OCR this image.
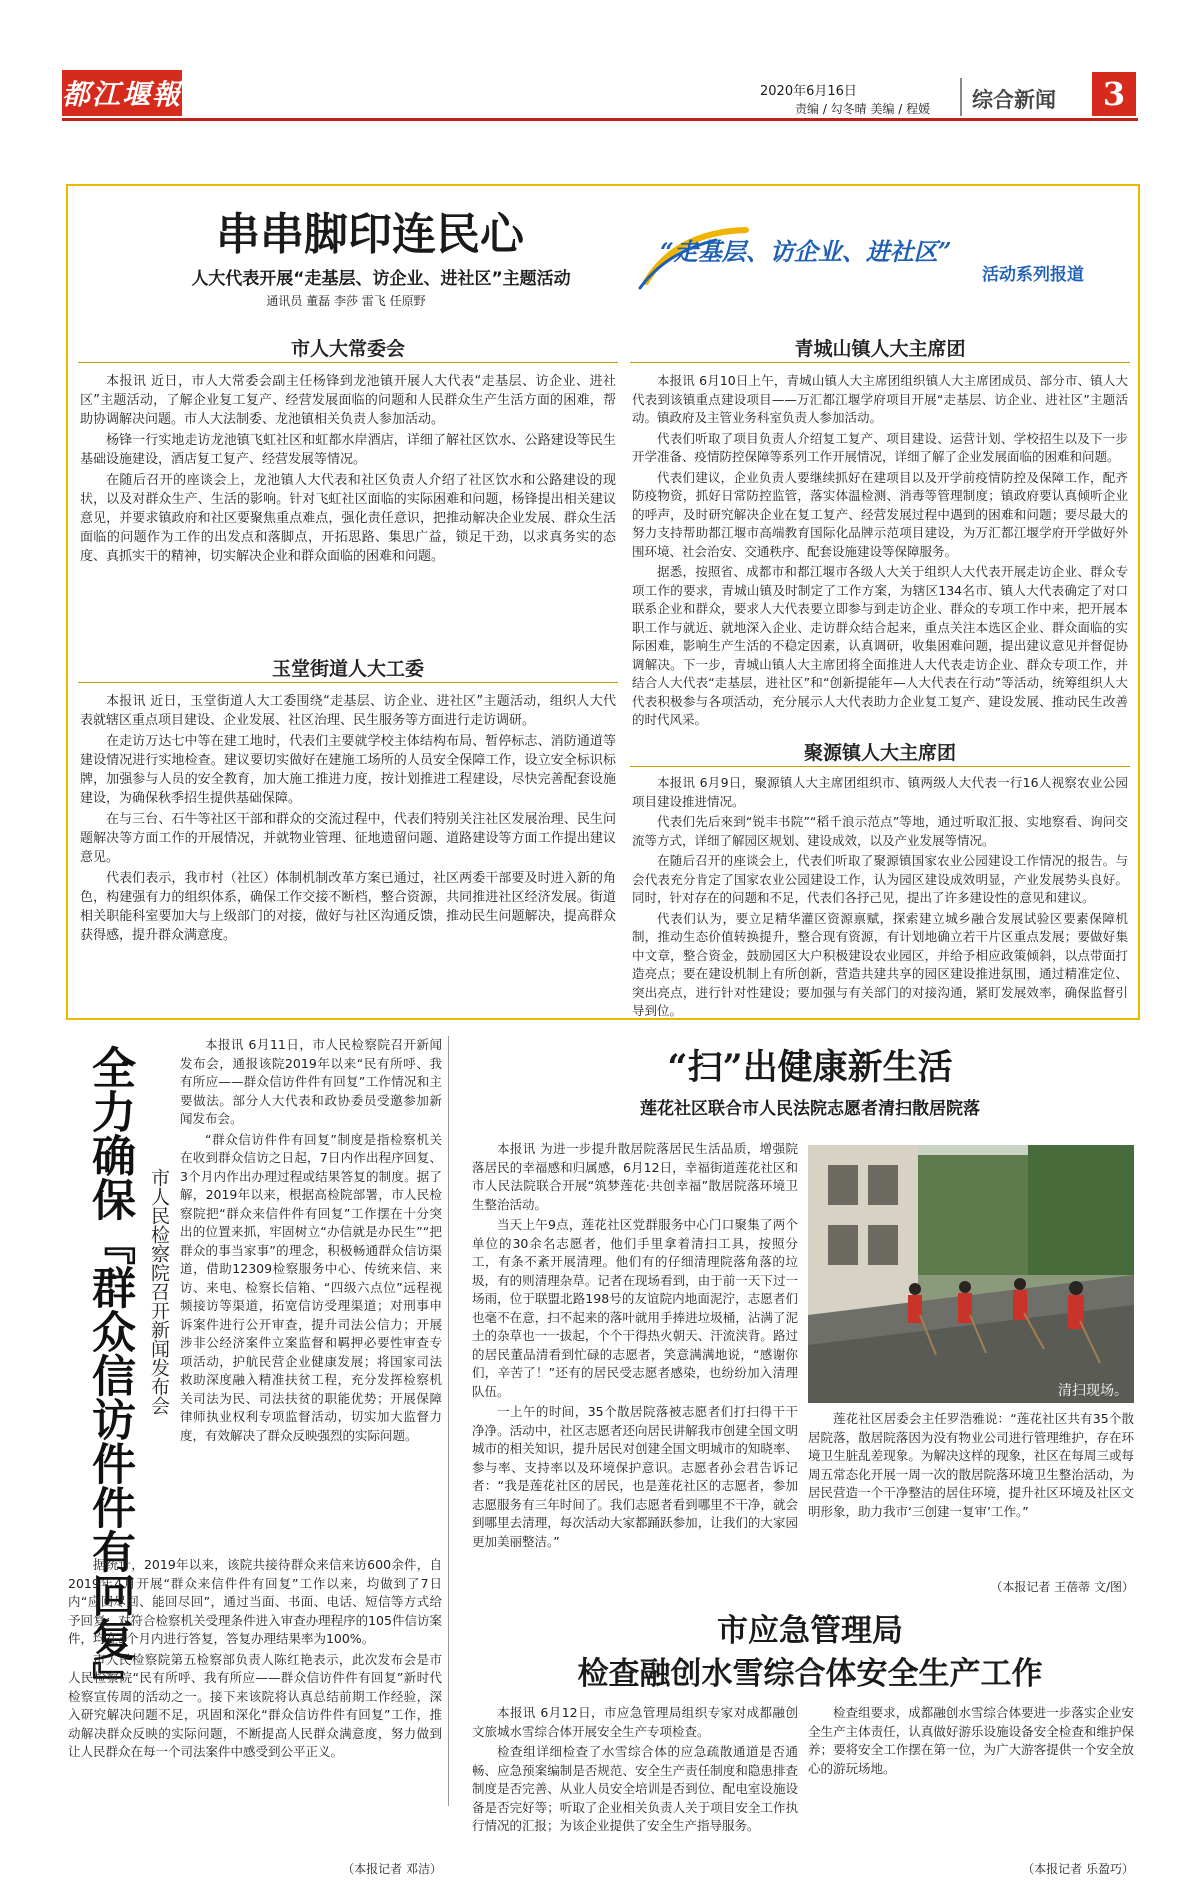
都江堰報	2020年6月16日
责编 / 勾冬晴 美编 / 程媛 综合新闻	3
串串脚印连民心
人大代表开展“走基层、访企业、进社区”主题活动
通讯员 董磊 李莎 雷飞 任原野
“走基层、访企业、进社区”
活动系列报道
市人大常委会

本报讯 近日，市人大常委会副主任杨锋到龙池镇开展人大代表“走基层、访企业、进社区”主题活动，了解企业复工复产、经营发展面临的问题和人民群众生产生活方面的困难，帮助协调解决问题。市人大法制委、龙池镇相关负责人参加活动。

杨锋一行实地走访龙池镇飞虹社区和虹都水岸酒店，详细了解社区饮水、公路建设等民生基础设施建设，酒店复工复产、经营发展等情况。

在随后召开的座谈会上，龙池镇人大代表和社区负责人介绍了社区饮水和公路建设的现状，以及对群众生产、生活的影响。针对飞虹社区面临的实际困难和问题，杨锋提出相关建议意见，并要求镇政府和社区要聚焦重点难点，强化责任意识，把推动解决企业发展、群众生活面临的问题作为工作的出发点和落脚点，开拓思路、集思广益，锁足干劲，以求真务实的态度、真抓实干的精神，切实解决企业和群众面临的困难和问题。

玉堂街道人大工委

本报讯 近日，玉堂街道人大工委围绕“走基层、访企业、进社区”主题活动，组织人大代表就辖区重点项目建设、企业发展、社区治理、民生服务等方面进行走访调研。

在走访万达七中等在建工地时，代表们主要就学校主体结构布局、暂停标志、消防通道等建设情况进行实地检查。建议要切实做好在建施工场所的人员安全保障工作，设立安全标识标牌，加强参与人员的安全教育，加大施工推进力度，按计划推进工程建设，尽快完善配套设施建设，为确保秋季招生提供基础保障。

在与三台、石牛等社区干部和群众的交流过程中，代表们特别关注社区发展治理、民生问题解决等方面工作的开展情况，并就物业管理、征地遗留问题、道路建设等方面工作提出建议意见。

代表们表示，我市村（社区）体制机制改革方案已通过，社区两委干部要及时进入新的角色，构建强有力的组织体系，确保工作交接不断档，整合资源，共同推进社区经济发展。街道相关职能科室要加大与上级部门的对接，做好与社区沟通反馈，推动民生问题解决，提高群众获得感，提升群众满意度。

青城山镇人大主席团

本报讯 6月10日上午，青城山镇人大主席团组织镇人大主席团成员、部分市、镇人大代表到该镇重点建设项目——万汇都江堰学府项目开展“走基层、访企业、进社区”主题活动。镇政府及主管业务科室负责人参加活动。

代表们听取了项目负责人介绍复工复产、项目建设、运营计划、学校招生以及下一步开学准备、疫情防控保障等系列工作开展情况，详细了解了企业发展面临的困难和问题。

代表们建议，企业负责人要继续抓好在建项目以及开学前疫情防控及保障工作，配齐防疫物资，抓好日常防控监管，落实体温检测、消毒等管理制度；镇政府要认真倾听企业的呼声，及时研究解决企业在复工复产、经营发展过程中遇到的困难和问题；要尽最大的努力支持帮助都江堰市高端教育国际化品牌示范项目建设，为万汇都江堰学府开学做好外围环境、社会治安、交通秩序、配套设施建设等保障服务。

据悉，按照省、成都市和都江堰市各级人大关于组织人大代表开展走访企业、群众专项工作的要求，青城山镇及时制定了工作方案，为辖区134名市、镇人大代表确定了对口联系企业和群众，要求人大代表要立即参与到走访企业、群众的专项工作中来，把开展本职工作与就近、就地深入企业、走访群众结合起来，重点关注本选区企业、群众面临的实际困难，影响生产生活的不稳定因素，认真调研，收集困难问题，提出建议意见并督促协调解决。下一步，青城山镇人大主席团将全面推进人大代表走访企业、群众专项工作，并结合人大代表“走基层，进社区”和“创新提能年—人大代表在行动”等活动，统筹组织人大代表积极参与各项活动，充分展示人大代表助力企业复工复产、建设发展、推动民生改善的时代风采。

聚源镇人大主席团

本报讯 6月9日，聚源镇人大主席团组织市、镇两级人大代表一行16人视察农业公园项目建设推进情况。

代表们先后來到“锐丰书院”“稻千浪示范点”等地，通过听取汇报、实地察看、询问交流等方式，详细了解园区规划、建设成效，以及产业发展等情况。

在随后召开的座谈会上，代表们听取了聚源镇国家农业公园建设工作情况的报告。与会代表充分肯定了国家农业公园建设工作，认为园区建设成效明显，产业发展势头良好。同时，针对存在的问题和不足，代表们各抒己见，提出了许多建设性的意见和建议。

代表们认为，要立足精华灌区资源禀赋，探索建立城乡融合发展试验区要素保障机制，推动生态价值转换提升，整合现有资源，有计划地确立若干片区重点发展；要做好集中文章，整合资金，鼓励园区大户积极建设农业园区，并给予相应政策倾斜，以点带面打造亮点；要在建设机制上有所创新，营造共建共享的园区建设推进氛围，通过精准定位、突出亮点，进行针对性建设；要加强与有关部门的对接沟通，紧盯发展效率，确保监督引导到位。

全力确保『群众信访件件有回复』 市人民检察院召开新闻发布会

本报讯 6月11日，市人民检察院召开新闻发布会，通报该院2019年以来“民有所呼、我有所应——群众信访件件有回复”工作情况和主要做法。部分人大代表和政协委员受邀参加新闻发布会。

“群众信访件件有回复”制度是指检察机关在收到群众信访之日起，7日内作出程序回复、3个月内作出办理过程或结果答复的制度。据了解，2019年以来，根据高检院部署，市人民检察院把“群众来信件件有回复”工作摆在十分突出的位置来抓，牢固树立“办信就是办民生”“把群众的事当家事”的理念，积极畅通群众信访渠道，借助12309检察服务中心、传统来信、来访、来电、检察长信箱、“四级六点位”远程视频接访等渠道，拓宽信访受理渠道；对刑事申诉案件进行公开审查，提升司法公信力；开展涉非公经济案件立案监督和羁押必要性审查专项活动，护航民营企业健康发展；将国家司法救助深度融入精准扶贫工程，充分发挥检察机关司法为民、司法扶贫的职能优势；开展保障律师执业权利专项监督活动，切实加大监督力度，有效解决了群众反映强烈的实际问题。

据统计，2019年以来，该院共接待群众来信来访600余件，自2019年4月开展“群众来信件件有回复”工作以来，均做到了7日内“应回尽回、能回尽回”，通过当面、书面、电话、短信等方式给予回复；对符合检察机关受理条件进入审查办理程序的105件信访案件，均在3个月内进行答复，答复办理结果率为100%。

市人民检察院第五检察部负责人陈红艳表示，此次发布会是市人民检察院“民有所呼、我有所应——群众信访件件有回复”新时代检察宣传周的活动之一。接下来该院将认真总结前期工作经验，深入研究解决问题不足，巩固和深化“群众信访件件有回复”工作，推动解决群众反映的实际问题，不断提高人民群众满意度，努力做到让人民群众在每一个司法案件中感受到公平正义。

（本报记者 邓洁）
“扫”出健康新生活
莲花社区联合市人民法院志愿者清扫散居院落

本报讯 为进一步提升散居院落居民生活品质，增强院落居民的幸福感和归属感，6月12日，幸福街道莲花社区和市人民法院联合开展“筑梦莲花·共创幸福”散居院落环境卫生整治活动。

当天上午9点，莲花社区党群服务中心门口聚集了两个单位的30余名志愿者，他们手里拿着清扫工具，按照分工，有条不紊开展清理。他们有的仔细清理院落角落的垃圾，有的则清理杂草。记者在现场看到，由于前一天下过一场雨，位于联盟北路198号的友谊院内地面泥泞，志愿者们也毫不在意，扫不起来的落叶就用手捧进垃圾桶，沾满了泥土的杂草也一一拔起，个个干得热火朝天、汗流浃背。路过的居民董品清看到忙碌的志愿者，笑意满满地说，“感谢你们，辛苦了！”还有的居民受志愿者感染，也纷纷加入清理队伍。

一上午的时间，35个散居院落被志愿者们打扫得干干净净。活动中，社区志愿者还向居民讲解我市创建全国文明城市的相关知识，提升居民对创建全国文明城市的知晓率、参与率、支持率以及环境保护意识。志愿者孙会君告诉记者：“我是莲花社区的居民，也是莲花社区的志愿者，参加志愿服务有三年时间了。我们志愿者看到哪里不干净，就会到哪里去清理，每次活动大家都踊跃参加，让我们的大家园更加美丽整洁。”

莲花社区居委会主任罗浩雅说：“莲花社区共有35个散居院落，散居院落因为没有物业公司进行管理维护，存在环境卫生脏乱差现象。为解决这样的现象，社区在每周三或每周五常态化开展一周一次的散居院落环境卫生整治活动，为居民营造一个干净整洁的居住环境，提升社区环境及社区文明形象，助力我市‘三创建一复审’工作。”

清扫现场。
（本报记者 王蓓蒂 文/图）
市应急管理局
检查融创水雪综合体安全生产工作

本报讯 6月12日，市应急管理局组织专家对成都融创文旅城水雪综合体开展安全生产专项检查。

检查组详细检查了水雪综合体的应急疏散通道是否通畅、应急预案编制是否规范、安全生产责任制度和隐患排查制度是否完善、从业人员安全培训是否到位、配电室设施设备是否完好等；听取了企业相关负责人关于项目安全工作执行情况的汇报；为该企业提供了安全生产指导服务。

检查组要求，成都融创水雪综合体要进一步落实企业安全生产主体责任，认真做好游乐设施设备安全检查和维护保养；要将安全工作摆在第一位，为广大游客提供一个安全放心的游玩场地。

（本报记者 乐盈巧）
